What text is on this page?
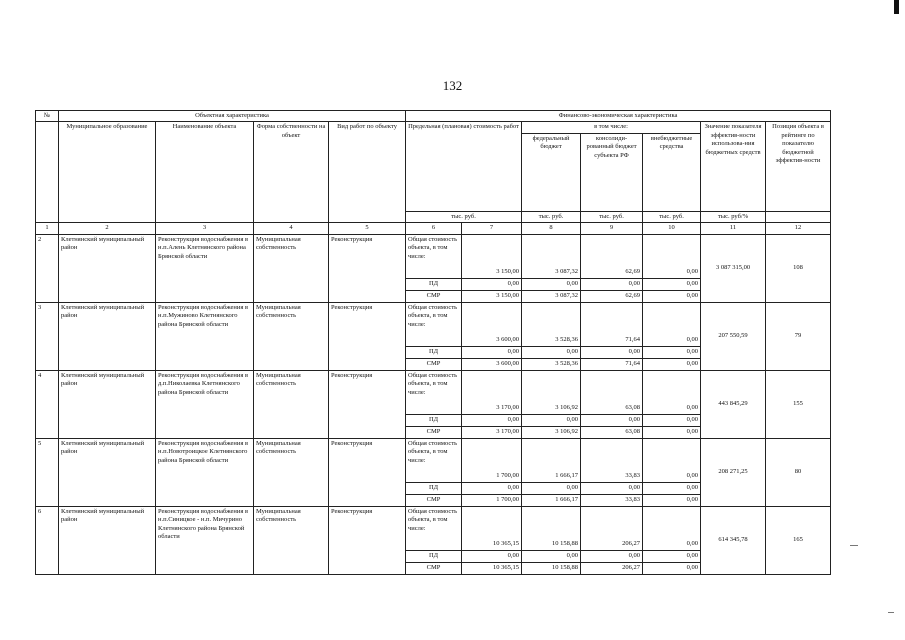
132
№	Объектная характеристика				Финансово-экономическая характеристика						
	Муниципальное образование	Наименование объекта	Форма собственности на объект	Вид работ по объекту	Предельная (плановая) стоимость работ		в том числе:			Значение показателя эффектив-ности использова-ния бюджетных средств	Позиция объекта в рейтинге по показателю бюджетной эффектив-ности
							федеральный бюджет	консолиди-рованный бюджет субъекта РФ	внебюджетные средства		
					тыс. руб.		тыс. руб.	тыс. руб.	тыс. руб.	тыс. руб/%	
1	2	3	4	5	6	7	8	9	10	11	12
2	Клетнянский муниципальный район	Реконструкция водоснабжения в н.п.Алень Клетнянского района Брянской области	Муниципальная собственность	Реконструкция	Общая стоимость объекта, в том числе:	3 150,00	3 087,32	62,69	0,00	3 087 315,00	108
					ПД	0,00	0,00	0,00	0,00		
					СМР	3 150,00	3 087,32	62,69	0,00		
3	Клетнянский муниципальный район	Реконструкция водоснабжения в н.п.Мужиново Клетнянского района Брянской области	Муниципальная собственность	Реконструкция	Общая стоимость объекта, в том числе:	3 600,00	3 528,36	71,64	0,00	207 550,59	79
					ПД	0,00	0,00	0,00	0,00		
					СМР	3 600,00	3 528,36	71,64	0,00		
4	Клетнянский муниципальный район	Реконструкция водоснабжения в д.п.Николаевка Клетнянского района Брянской области	Муниципальная собственность	Реконструкция	Общая стоимость объекта, в том числе:	3 170,00	3 106,92	63,08	0,00	443 845,29	155
					ПД	0,00	0,00	0,00	0,00		
					СМР	3 170,00	3 106,92	63,08	0,00		
5	Клетнянский муниципальный район	Реконструкция водоснабжения в н.п.Новотроицкое Клетнянского района Брянской области	Муниципальная собственность	Реконструкция	Общая стоимость объекта, в том числе:	1 700,00	1 666,17	33,83	0,00	208 271,25	80
					ПД	0,00	0,00	0,00	0,00		
					СМР	1 700,00	1 666,17	33,83	0,00		
6	Клетнянский муниципальный район	Реконструкция водоснабжения в н.п.Синицкое - н.п. Мичурино Клетнянского района Брянской области	Муниципальная собственность	Реконструкция	Общая стоимость объекта, в том числе:	10 365,15	10 158,88	206,27	0,00	614 345,78	165
					ПД	0,00	0,00	0,00	0,00		
					СМР	10 365,15	10 158,88	206,27	0,00		
